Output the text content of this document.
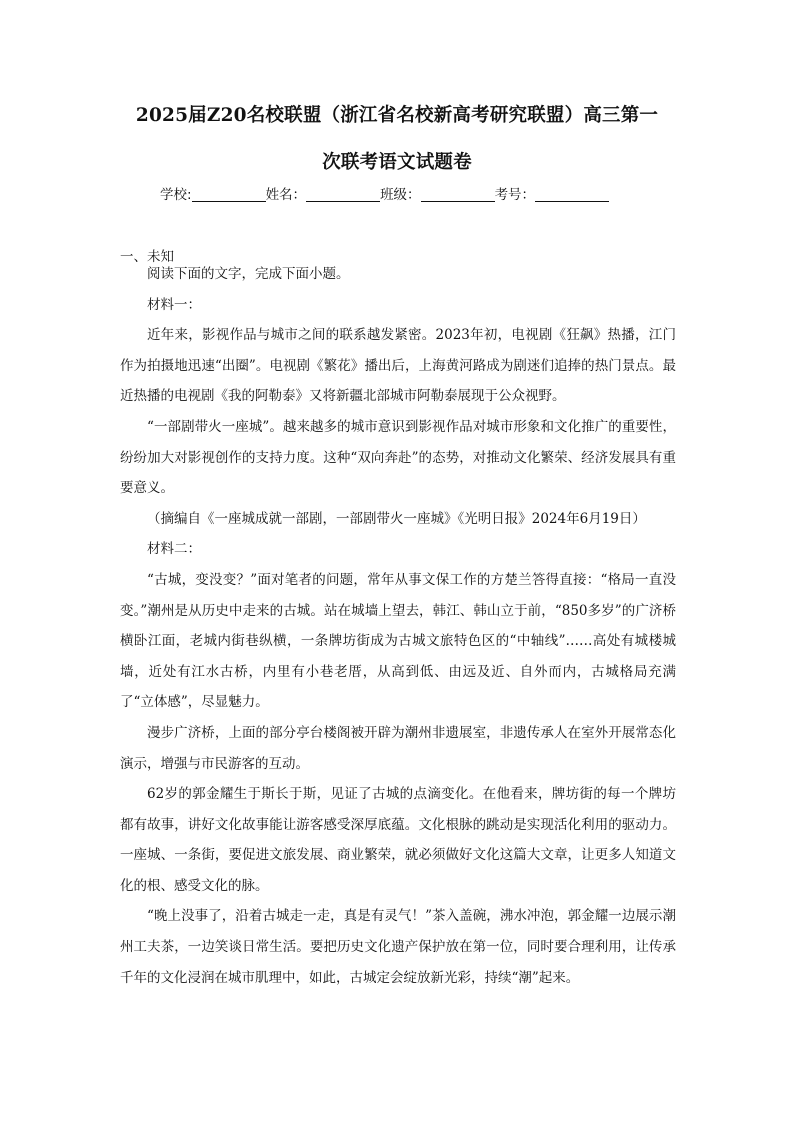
2025届Z20名校联盟（浙江省名校新高考研究联盟）高三第一
次联考语文试题卷
学校:	姓名：	班级：	考号：
一、未知

阅读下面的文字，完成下面小题。

材料一：

近年来，影视作品与城市之间的联系越发紧密。2023年初，电视剧《狂飙》热播，江门作为拍摄地迅速“出圈”。电视剧《繁花》播出后，上海黄河路成为剧迷们追捧的热门景点。最近热播的电视剧《我的阿勒泰》又将新疆北部城市阿勒泰展现于公众视野。

“一部剧带火一座城”。越来越多的城市意识到影视作品对城市形象和文化推广的重要性，纷纷加大对影视创作的支持力度。这种“双向奔赴”的态势，对推动文化繁荣、经济发展具有重要意义。

（摘编自《一座城成就一部剧，一部剧带火一座城》《光明日报》2024年6月19日）

材料二：

“古城，变没变？”面对笔者的问题，常年从事文保工作的方楚兰答得直接：“格局一直没变。”潮州是从历史中走来的古城。站在城墙上望去，韩江、韩山立于前，“850多岁”的广济桥横卧江面，老城内街巷纵横，一条牌坊街成为古城文旅特色区的“中轴线”……高处有城楼城墙，近处有江水古桥，内里有小巷老厝，从高到低、由远及近、自外而内，古城格局充满了“立体感”，尽显魅力。

漫步广济桥，上面的部分亭台楼阁被开辟为潮州非遗展室，非遗传承人在室外开展常态化演示，增强与市民游客的互动。

62岁的郭金耀生于斯长于斯，见证了古城的点滴变化。在他看来，牌坊街的每一个牌坊都有故事，讲好文化故事能让游客感受深厚底蕴。文化根脉的跳动是实现活化利用的驱动力。一座城、一条街，要促进文旅发展、商业繁荣，就必须做好文化这篇大文章，让更多人知道文化的根、感受文化的脉。

“晚上没事了，沿着古城走一走，真是有灵气！”茶入盖碗，沸水冲泡，郭金耀一边展示潮州工夫茶，一边笑谈日常生活。要把历史文化遗产保护放在第一位，同时要合理利用，让传承千年的文化浸润在城市肌理中，如此，古城定会绽放新光彩，持续“潮”起来。
